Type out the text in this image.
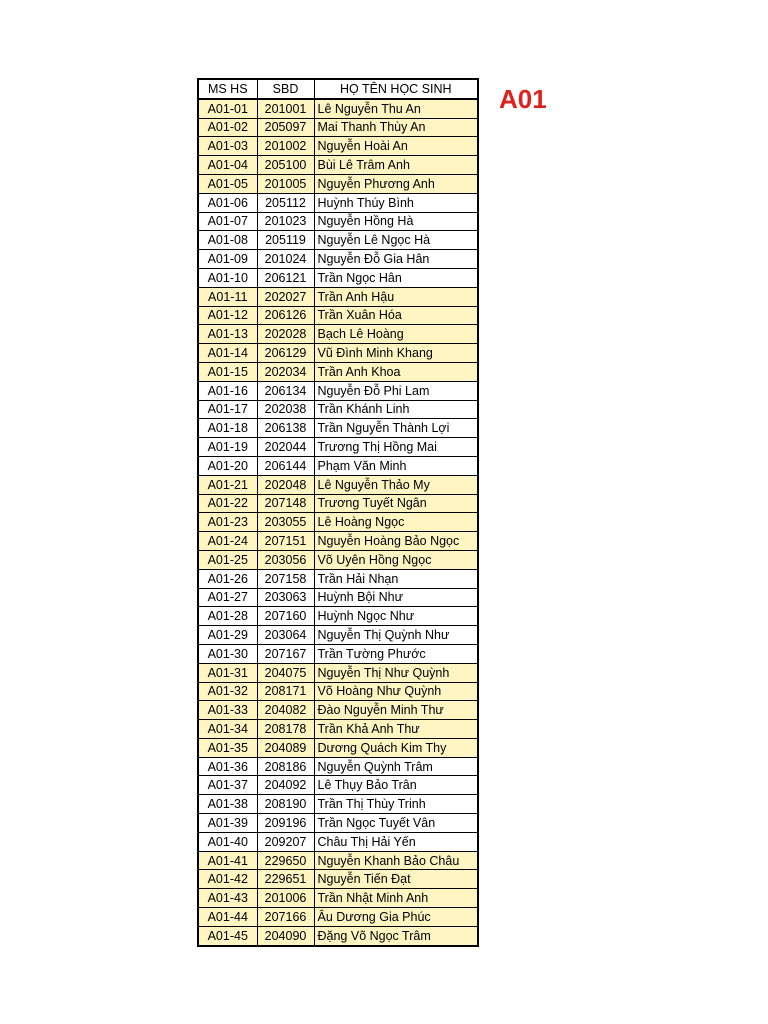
MS HS	SBD	HỌ TÊN HỌC SINH
A01-01	201001	Lê Nguyễn Thu An
A01-02	205097	Mai Thanh Thùy An
A01-03	201002	Nguyễn Hoài An
A01-04	205100	Bùi Lê Trâm Anh
A01-05	201005	Nguyễn Phương Anh
A01-06	205112	Huỳnh Thúy Bình
A01-07	201023	Nguyễn Hồng Hà
A01-08	205119	Nguyễn Lê Ngọc Hà
A01-09	201024	Nguyễn Đỗ Gia Hân
A01-10	206121	Trần Ngọc Hân
A01-11	202027	Trần Anh Hậu
A01-12	206126	Trần Xuân Hóa
A01-13	202028	Bạch Lê Hoàng
A01-14	206129	Vũ Đình Minh Khang
A01-15	202034	Trần Anh Khoa
A01-16	206134	Nguyễn Đỗ Phi Lam
A01-17	202038	Trần Khánh Linh
A01-18	206138	Trần Nguyễn Thành Lợi
A01-19	202044	Trương Thị Hồng Mai
A01-20	206144	Phạm Văn Minh
A01-21	202048	Lê Nguyễn Thảo My
A01-22	207148	Trương Tuyết Ngân
A01-23	203055	Lê Hoàng Ngọc
A01-24	207151	Nguyễn Hoàng Bảo Ngọc
A01-25	203056	Võ Uyên Hồng Ngọc
A01-26	207158	Trần Hải Nhạn
A01-27	203063	Huỳnh Bội Như
A01-28	207160	Huỳnh Ngọc Như
A01-29	203064	Nguyễn Thị Quỳnh Như
A01-30	207167	Trần Tường Phước
A01-31	204075	Nguyễn Thị Như Quỳnh
A01-32	208171	Võ Hoàng Như Quỳnh
A01-33	204082	Đào Nguyễn Minh Thư
A01-34	208178	Trần Khả Anh Thư
A01-35	204089	Dương Quách Kim Thy
A01-36	208186	Nguyễn Quỳnh Trâm
A01-37	204092	Lê Thụy Bảo Trân
A01-38	208190	Trần Thị Thùy Trinh
A01-39	209196	Trần Ngọc Tuyết Vân
A01-40	209207	Châu Thị Hải Yến
A01-41	229650	Nguyễn Khanh Bảo Châu
A01-42	229651	Nguyễn Tiến Đạt
A01-43	201006	Trần Nhật Minh Anh
A01-44	207166	Âu Dương Gia Phúc
A01-45	204090	Đặng Võ Ngọc Trâm
A01
